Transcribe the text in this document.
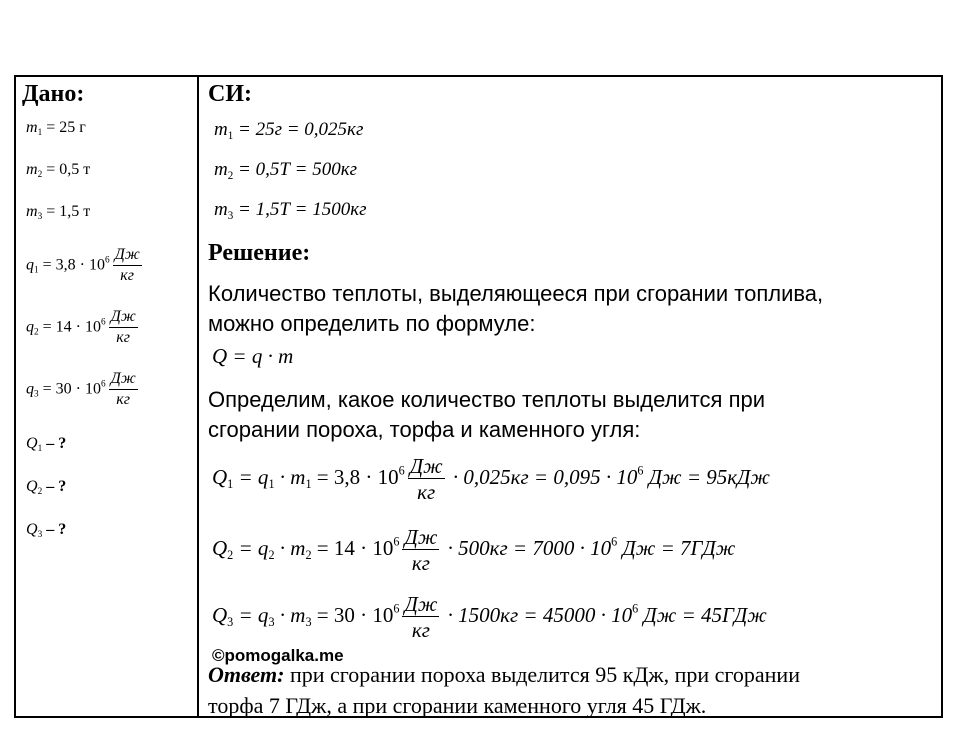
Дано:
$m_1 = 25$ г
$m_2 = 0,5$ т
$m_3 = 1,5$ т
$q_1 = 3,8 \cdot 10^6 \frac{Дж}{кг}$
$q_2 = 14 \cdot 10^6 \frac{Дж}{кг}$
$q_3 = 30 \cdot 10^6 \frac{Дж}{кг}$
$Q_1$ – ?
$Q_2$ – ?
$Q_3$ – ?
СИ:
$m_1 = 25г = 0,025кг$
$m_2 = 0,5Т = 500кг$
$m_3 = 1,5Т = 1500кг$
Решение:
Количество теплоты, выделяющееся при сгорании топлива,
можно определить по формуле:
Q = q · m
Определим, какое количество теплоты выделится при
сгорании пороха, торфа и каменного угля:
$Q_1 = q_1 \cdot m_1 = 3,8 \cdot 10^6 \frac{Дж}{кг} \cdot 0,025кг = 0,095 \cdot 10^6$ Дж = 95кДж
$Q_2 = q_2 \cdot m_2 = 14 \cdot 10^6 \frac{Дж}{кг} \cdot 500кг = 7000 \cdot 10^6$ Дж = 7ГДж
$Q_3 = q_3 \cdot m_3 = 30 \cdot 10^6 \frac{Дж}{кг} \cdot 1500кг = 45000 \cdot 10^6$ Дж = 45ГДж
©pomogalka.me
Ответ: при сгорании пороха выделится 95 кДж, при сгорании
торфа 7 ГДж, а при сгорании каменного угля 45 ГДж.
